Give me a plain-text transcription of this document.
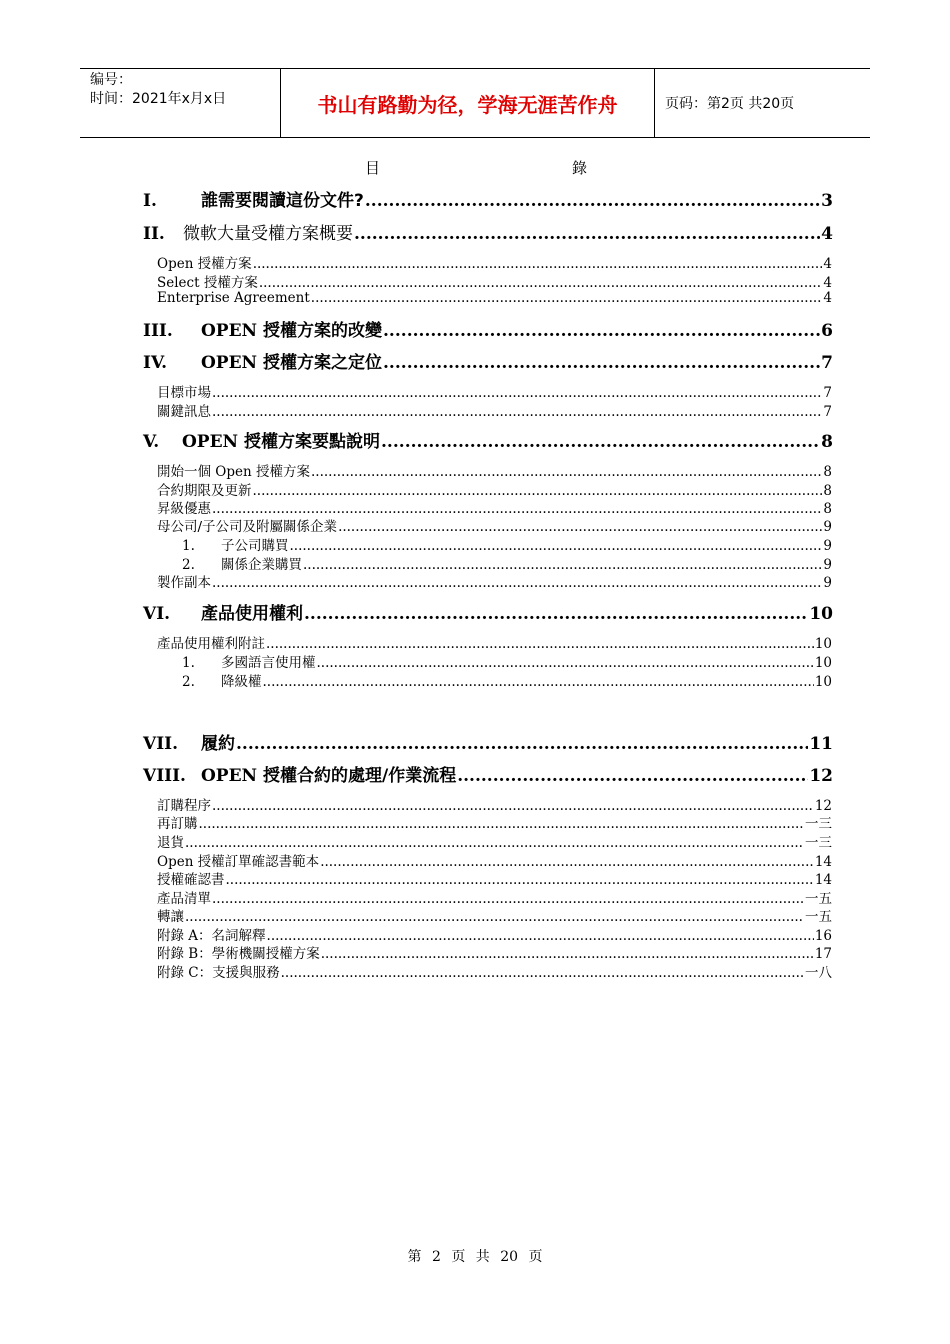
编号：
时间：2021年x月x日	书山有路勤为径，学海无涯苦作舟	页码：第2页 共20页
目	錄
I.	誰需要閱讀這份文件? .....	3
II. 微軟大量受權方案概要 .....	4
Open 授權方案 .....	4
Select 授權方案 .....	4
Enterprise Agreement .....	4
III. OPEN 授權方案的改變 .....	6
IV. OPEN 授權方案之定位 .....	7
目標市場 .....	7
關鍵訊息 .....	7
V. OPEN 授權方案要點說明 .....	8
開始一個 Open 授權方案 .....	8
合約期限及更新 .....	8
昇級優惠 .....	8
母公司/子公司及附屬關係企業 .....	9
1. 子公司購買 .....	9
2. 關係企業購買 .....	9
製作副本 .....	9
VI. 產品使用權利 .....	10
產品使用權利附註 .....	10
1. 多國語言使用權 .....	10
2. 降級權 .....	10
VII. 履約 .....	11
VIII. OPEN 授權合約的處理/作業流程 .....	12
訂購程序 .....	12
再訂購 .....	一三
退貨 .....	一三
Open 授權訂單確認書範本 .....	14
授權確認書 .....	14
產品清單 .....	一五
轉讓 .....	一五
附錄 A：名詞解釋 .....	16
附錄 B：學術機關授權方案 .....	17
附錄 C：支援與服務 .....	一八
第 2 页 共 20 页
